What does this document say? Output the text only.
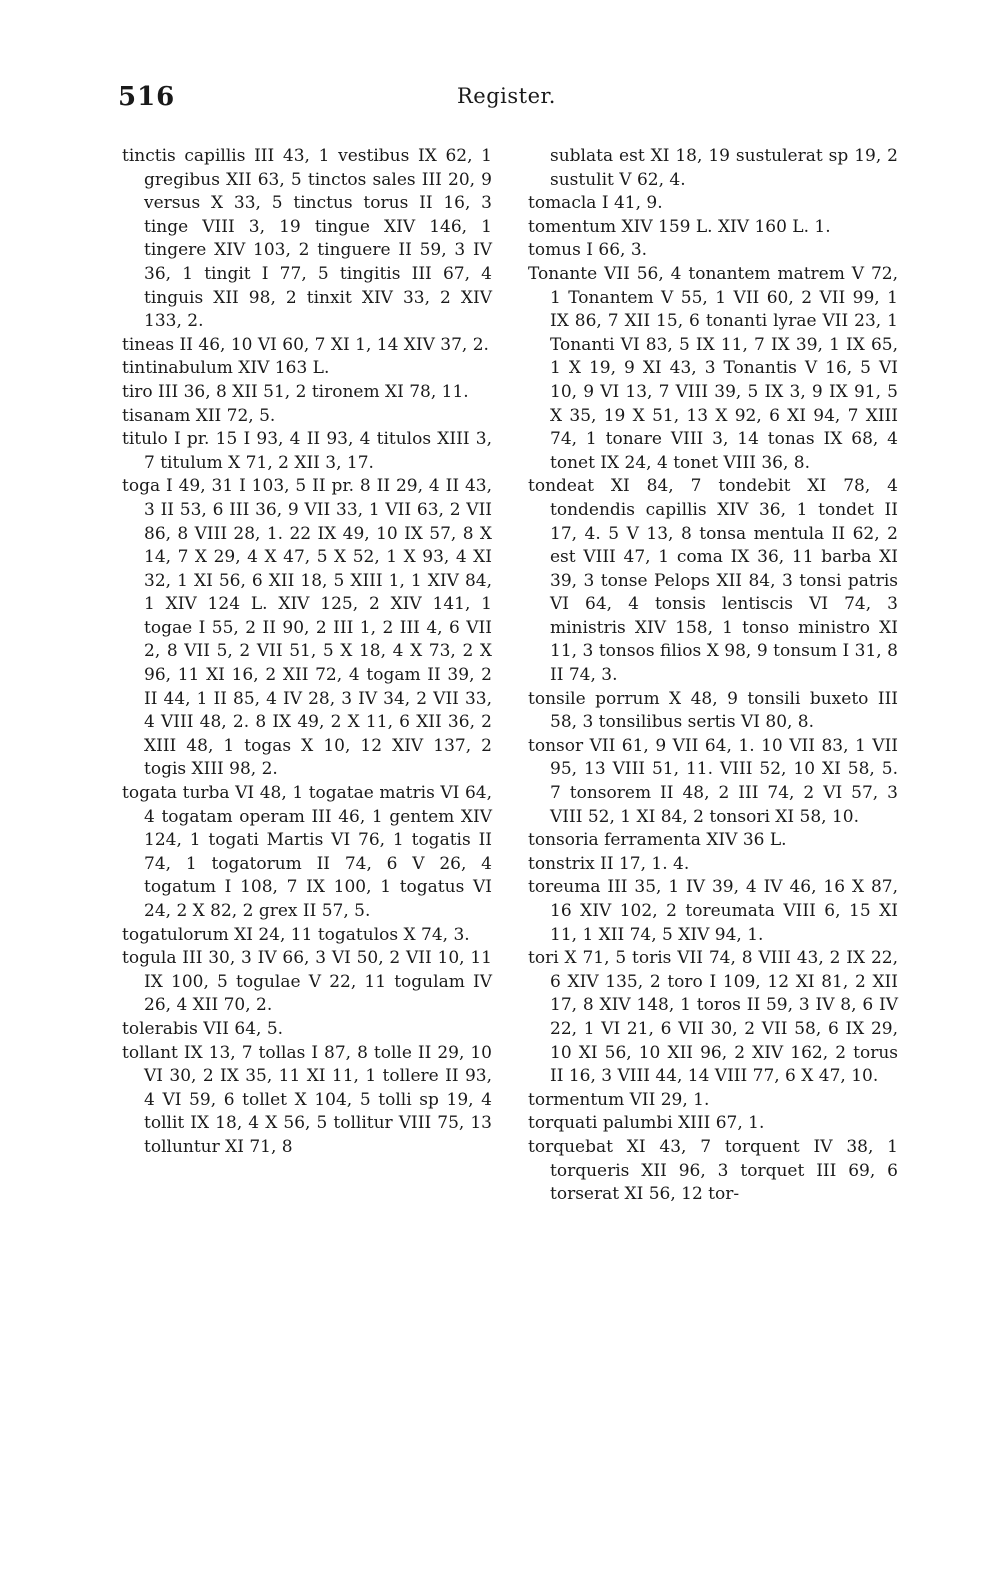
516	Register.

tinctis capillis III 43, 1 vestibus IX 62, 1 gregibus XII 63, 5 tinctos sales III 20, 9 versus X 33, 5 tinctus torus II 16, 3 tinge VIII 3, 19 tingue XIV 146, 1 tingere XIV 103, 2 tinguere II 59, 3 IV 36, 1 tingit I 77, 5 tingitis III 67, 4 tinguis XII 98, 2 tinxit XIV 33, 2 XIV 133, 2.

tineas II 46, 10 VI 60, 7 XI 1, 14 XIV 37, 2.

tintinabulum XIV 163 L.

tiro III 36, 8 XII 51, 2 tironem XI 78, 11.

tisanam XII 72, 5.

titulo I pr. 15 I 93, 4 II 93, 4 titulos XIII 3, 7 titulum X 71, 2 XII 3, 17.

toga I 49, 31 I 103, 5 II pr. 8 II 29, 4 II 43, 3 II 53, 6 III 36, 9 VII 33, 1 VII 63, 2 VII 86, 8 VIII 28, 1. 22 IX 49, 10 IX 57, 8 X 14, 7 X 29, 4 X 47, 5 X 52, 1 X 93, 4 XI 32, 1 XI 56, 6 XII 18, 5 XIII 1, 1 XIV 84, 1 XIV 124 L. XIV 125, 2 XIV 141, 1 togae I 55, 2 II 90, 2 III 1, 2 III 4, 6 VII 2, 8 VII 5, 2 VII 51, 5 X 18, 4 X 73, 2 X 96, 11 XI 16, 2 XII 72, 4 togam II 39, 2 II 44, 1 II 85, 4 IV 28, 3 IV 34, 2 VII 33, 4 VIII 48, 2. 8 IX 49, 2 X 11, 6 XII 36, 2 XIII 48, 1 togas X 10, 12 XIV 137, 2 togis XIII 98, 2.

togata turba VI 48, 1 togatae matris VI 64, 4 togatam operam III 46, 1 gentem XIV 124, 1 togati Martis VI 76, 1 togatis II 74, 1 togatorum II 74, 6 V 26, 4 togatum I 108, 7 IX 100, 1 togatus VI 24, 2 X 82, 2 grex II 57, 5.

togatulorum XI 24, 11 togatulos X 74, 3.

togula III 30, 3 IV 66, 3 VI 50, 2 VII 10, 11 IX 100, 5 togulae V 22, 11 togulam IV 26, 4 XII 70, 2.

tolerabis VII 64, 5.

tollant IX 13, 7 tollas I 87, 8 tolle II 29, 10 VI 30, 2 IX 35, 11 XI 11, 1 tollere II 93, 4 VI 59, 6 tollet X 104, 5 tolli sp 19, 4 tollit IX 18, 4 X 56, 5 tollitur VIII 75, 13 tolluntur XI 71, 8

sublata est XI 18, 19 sustulerat sp 19, 2 sustulit V 62, 4.

tomacla I 41, 9.

tomentum XIV 159 L. XIV 160 L. 1.

tomus I 66, 3.

Tonante VII 56, 4 tonantem matrem V 72, 1 Tonantem V 55, 1 VII 60, 2 VII 99, 1 IX 86, 7 XII 15, 6 tonanti lyrae VII 23, 1 Tonanti VI 83, 5 IX 11, 7 IX 39, 1 IX 65, 1 X 19, 9 XI 43, 3 Tonantis V 16, 5 VI 10, 9 VI 13, 7 VIII 39, 5 IX 3, 9 IX 91, 5 X 35, 19 X 51, 13 X 92, 6 XI 94, 7 XIII 74, 1 tonare VIII 3, 14 tonas IX 68, 4 tonet IX 24, 4 tonet VIII 36, 8.

tondeat XI 84, 7 tondebit XI 78, 4 tondendis capillis XIV 36, 1 tondet II 17, 4. 5 V 13, 8 tonsa mentula II 62, 2 est VIII 47, 1 coma IX 36, 11 barba XI 39, 3 tonse Pelops XII 84, 3 tonsi patris VI 64, 4 tonsis lentiscis VI 74, 3 ministris XIV 158, 1 tonso ministro XI 11, 3 tonsos filios X 98, 9 tonsum I 31, 8 II 74, 3.

tonsile porrum X 48, 9 tonsili buxeto III 58, 3 tonsilibus sertis VI 80, 8.

tonsor VII 61, 9 VII 64, 1. 10 VII 83, 1 VII 95, 13 VIII 51, 11. VIII 52, 10 XI 58, 5. 7 tonsorem II 48, 2 III 74, 2 VI 57, 3 VIII 52, 1 XI 84, 2 tonsori XI 58, 10.

tonsoria ferramenta XIV 36 L.

tonstrix II 17, 1. 4.

toreuma III 35, 1 IV 39, 4 IV 46, 16 X 87, 16 XIV 102, 2 toreumata VIII 6, 15 XI 11, 1 XII 74, 5 XIV 94, 1.

tori X 71, 5 toris VII 74, 8 VIII 43, 2 IX 22, 6 XIV 135, 2 toro I 109, 12 XI 81, 2 XII 17, 8 XIV 148, 1 toros II 59, 3 IV 8, 6 IV 22, 1 VI 21, 6 VII 30, 2 VII 58, 6 IX 29, 10 XI 56, 10 XII 96, 2 XIV 162, 2 torus II 16, 3 VIII 44, 14 VIII 77, 6 X 47, 10.

tormentum VII 29, 1.

torquati palumbi XIII 67, 1.

torquebat XI 43, 7 torquent IV 38, 1 torqueris XII 96, 3 torquet III 69, 6 torserat XI 56, 12 tor-
